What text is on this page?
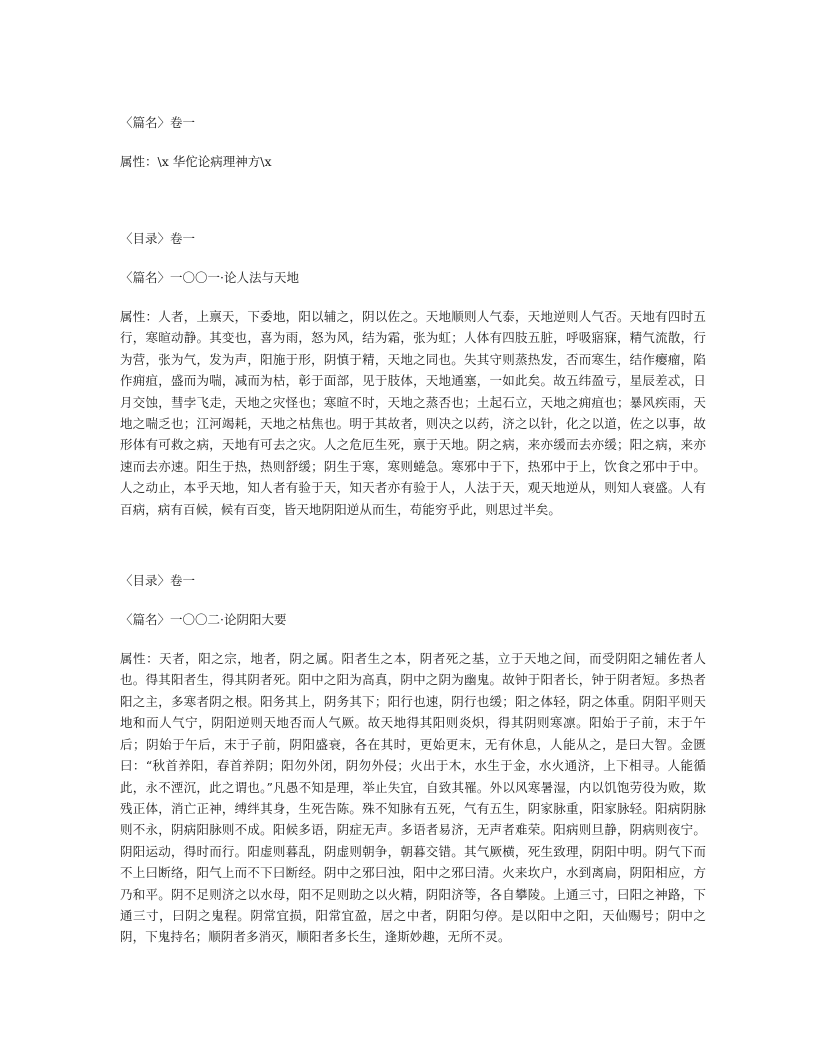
〈篇名〉卷一

属性：\x 华佗论病理神方\x

〈目录〉卷一

〈篇名〉一〇〇一·论人法与天地

属性：人者，上禀天，下委地，阳以辅之，阴以佐之。天地顺则人气泰，天地逆则人气否。天地有四时五行，寒暄动静。其变也，喜为雨，怒为风，结为霜，张为虹；人体有四肢五脏，呼吸寤寐，精气流散，行为营，张为气，发为声，阳施于形，阴慎于精，天地之同也。失其守则蒸热发，否而寒生，结作瘿瘤，陷作痈疽，盛而为喘，减而为枯，彰于面部，见于肢体，天地通塞，一如此矣。故五纬盈亏，星辰差忒，日月交蚀，彗孛飞走，天地之灾怪也；寒暄不时，天地之蒸否也；土起石立，天地之痈疽也；暴风疾雨，天地之喘乏也；江河竭耗，天地之枯焦也。明于其故者，则决之以药，济之以针，化之以道，佐之以事，故形体有可救之病，天地有可去之灾。人之危厄生死，禀于天地。阴之病，来亦缓而去亦缓；阳之病，来亦速而去亦速。阳生于热，热则舒缓；阴生于寒，寒则蜷急。寒邪中于下，热邪中于上，饮食之邪中于中。人之动止，本乎天地，知人者有验于天，知天者亦有验于人，人法于天，观天地逆从，则知人衰盛。人有百病，病有百候，候有百变，皆天地阴阳逆从而生，苟能穷乎此，则思过半矣。

〈目录〉卷一

〈篇名〉一〇〇二·论阴阳大要

属性：天者，阳之宗，地者，阴之属。阳者生之本，阴者死之基，立于天地之间，而受阴阳之辅佐者人也。得其阳者生，得其阴者死。阳中之阳为高真，阴中之阴为幽鬼。故钟于阳者长，钟于阴者短。多热者阳之主，多寒者阴之根。阳务其上，阴务其下；阳行也速，阴行也缓；阳之体轻，阴之体重。阴阳平则天地和而人气宁，阴阳逆则天地否而人气厥。故天地得其阳则炎炽，得其阴则寒凛。阳始于子前，末于午后；阴始于午后，末于子前，阴阳盛衰，各在其时，更始更末，无有休息，人能从之，是曰大智。金匮曰：“秋首养阳，春首养阴；阳勿外闭，阴勿外侵；火出于木，水生于金，水火通济，上下相寻。人能循此，永不湮沉，此之谓也。”凡愚不知是理，举止失宜，自致其罹。外以风寒暑湿，内以饥饱劳役为败，欺残正体，消亡正神，缚绊其身，生死告陈。殊不知脉有五死，气有五生，阴家脉重，阳家脉轻。阳病阴脉则不永，阴病阳脉则不成。阳候多语，阴症无声。多语者易济，无声者难荣。阳病则旦静，阴病则夜宁。阴阳运动，得时而行。阳虚则暮乱，阴虚则朝争，朝暮交错。其气厥横，死生致理，阴阳中明。阴气下而不上曰断络，阳气上而不下曰断经。阴中之邪曰浊，阳中之邪曰清。火来坎户，水到离扃，阴阳相应，方乃和平。阴不足则济之以水母，阳不足则助之以火精，阴阳济等，各自攀陵。上通三寸，曰阳之神路，下通三寸，曰阴之鬼程。阴常宜损，阳常宜盈，居之中者，阴阳匀停。是以阳中之阳，天仙赐号；阴中之阴，下鬼持名；顺阴者多消灭，顺阳者多长生，逢斯妙趣，无所不灵。
